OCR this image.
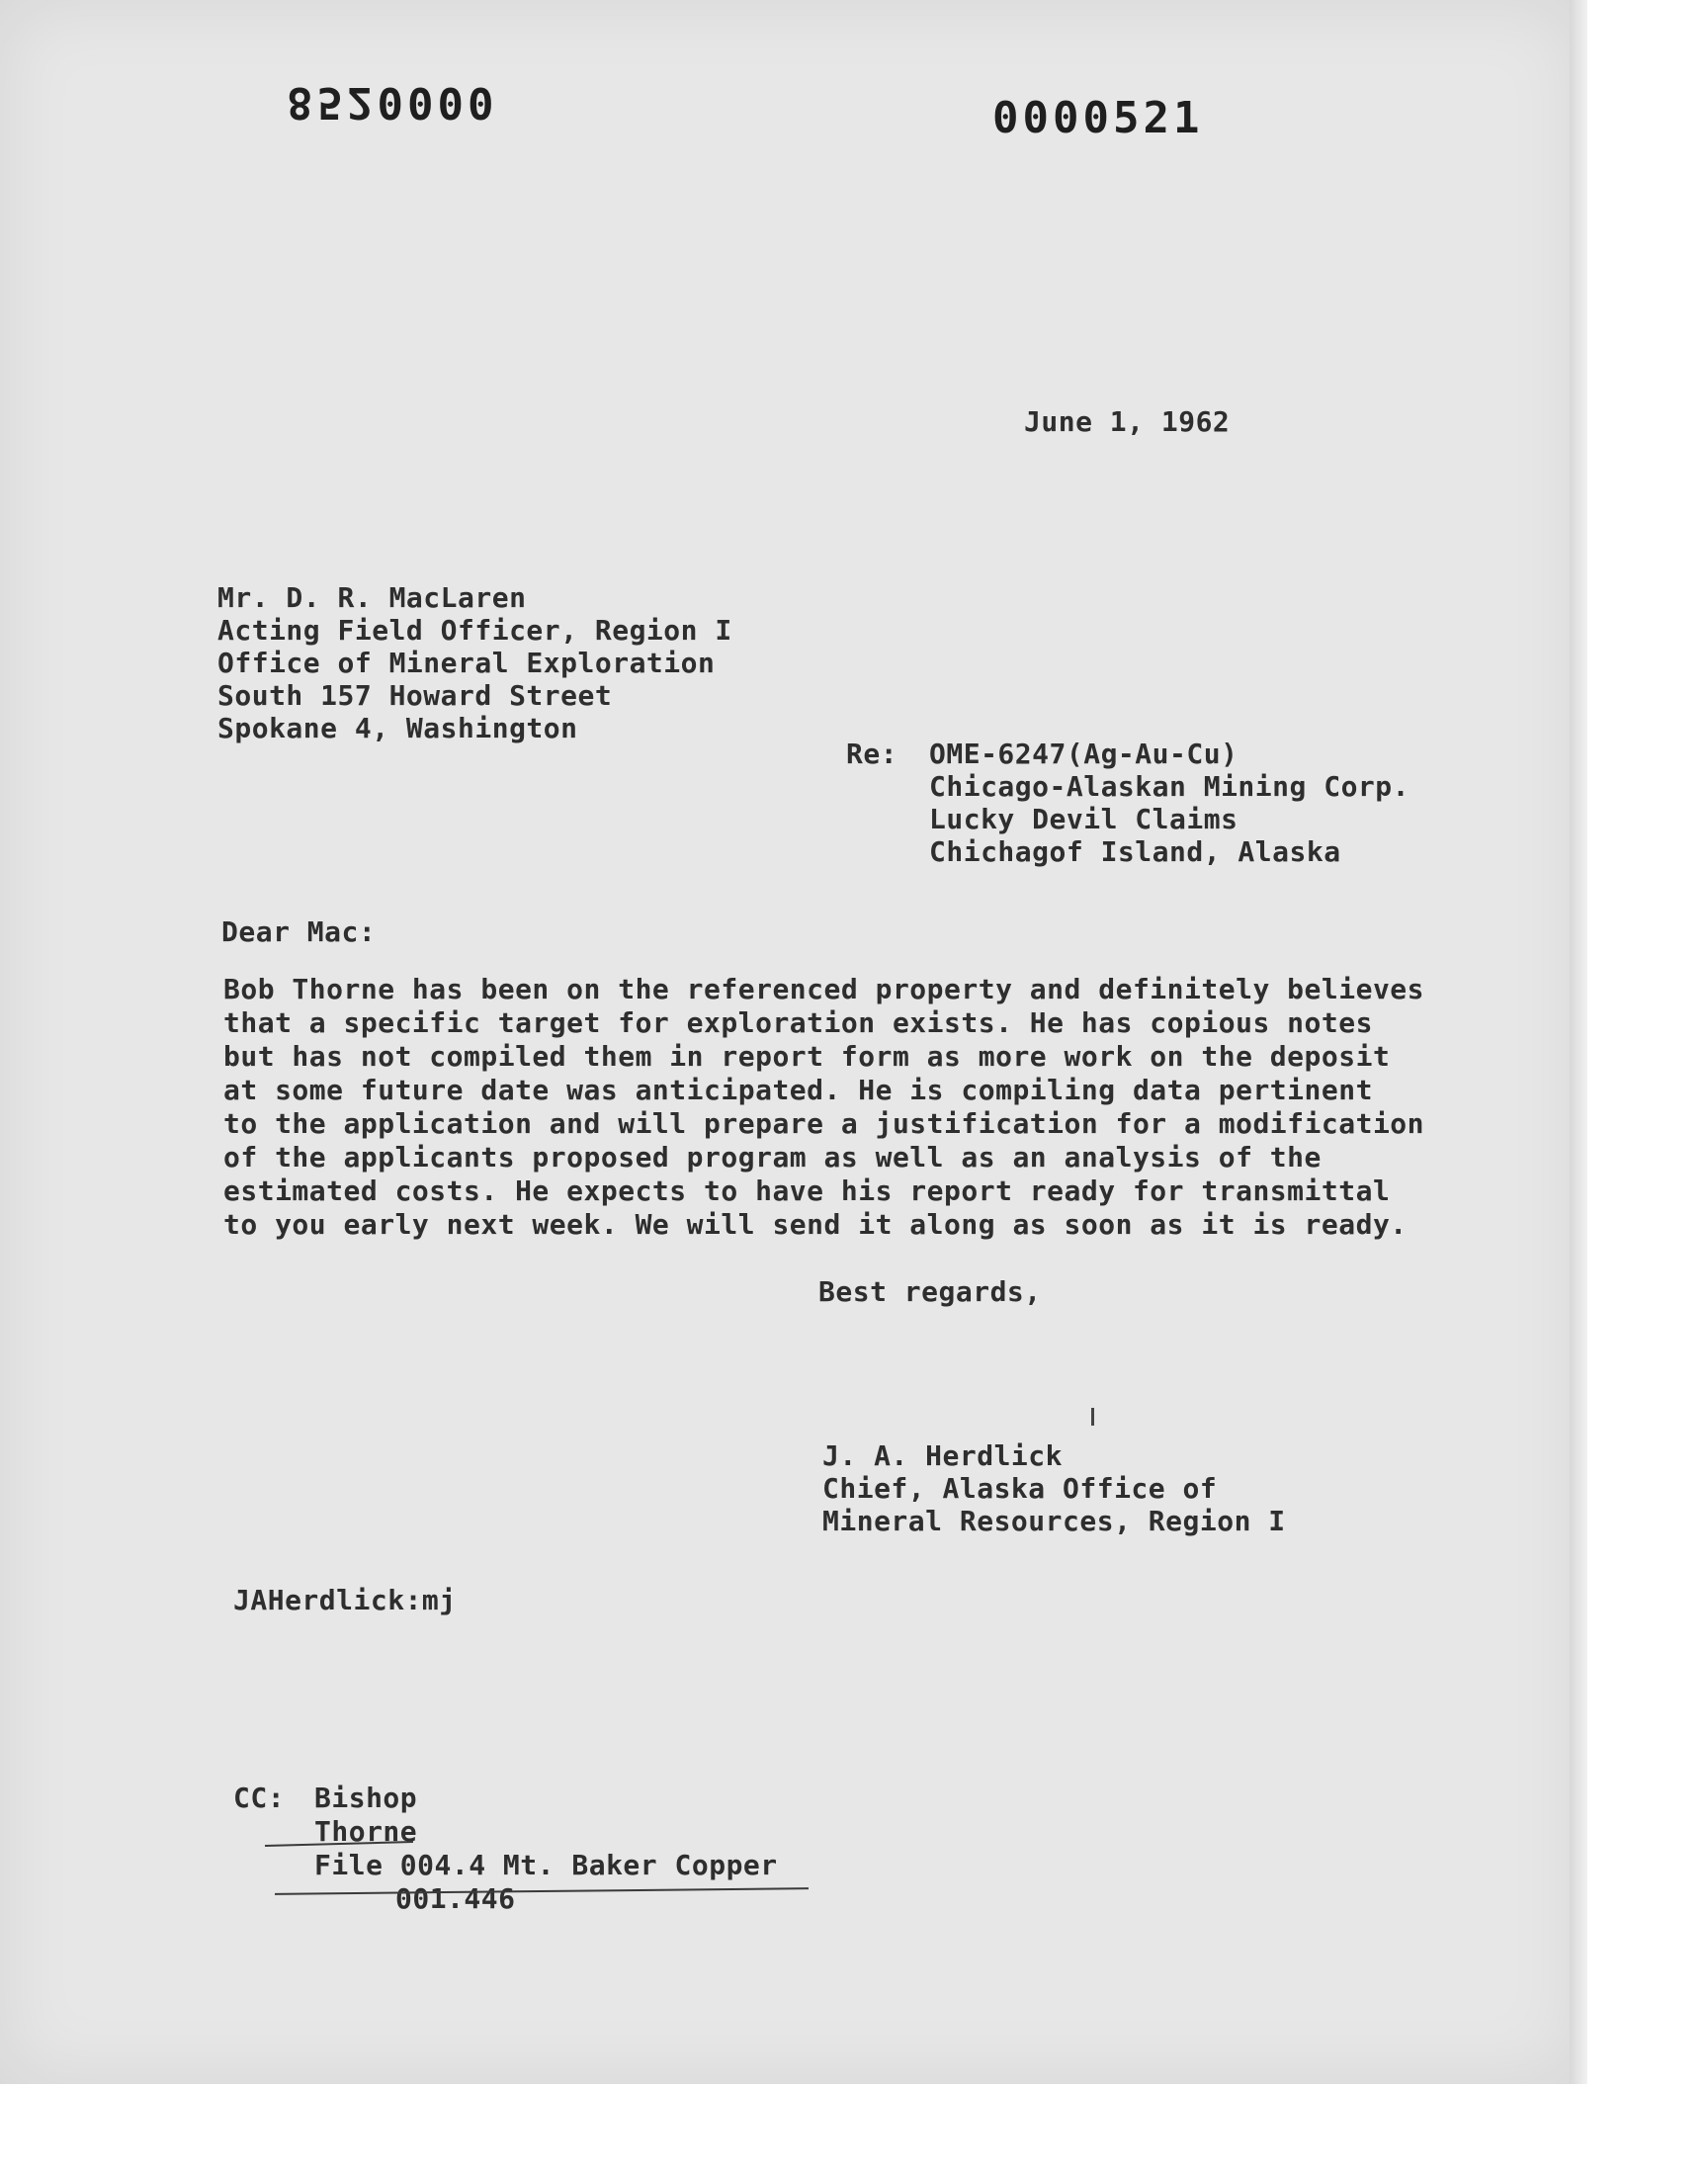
8520000	0000521
June 1, 1962
Mr. D. R. MacLaren
Acting Field Officer, Region I
Office of Mineral Exploration
South 157 Howard Street
Spokane 4, Washington
Re: OME-6247(Ag-Au-Cu)
Chicago-Alaskan Mining Corp.
Lucky Devil Claims
Chichagof Island, Alaska
Dear Mac:
Bob Thorne has been on the referenced property and definitely believes
that a specific target for exploration exists. He has copious notes
but has not compiled them in report form as more work on the deposit
at some future date was anticipated. He is compiling data pertinent
to the application and will prepare a justification for a modification
of the applicants proposed program as well as an analysis of the
estimated costs. He expects to have his report ready for transmittal
to you early next week. We will send it along as soon as it is ready.
Best regards,
J. A. Herdlick
Chief, Alaska Office of
Mineral Resources, Region I
JAHerdlick:mj
CC: Bishop
Thorne
File 004.4 Mt. Baker Copper
001.446
